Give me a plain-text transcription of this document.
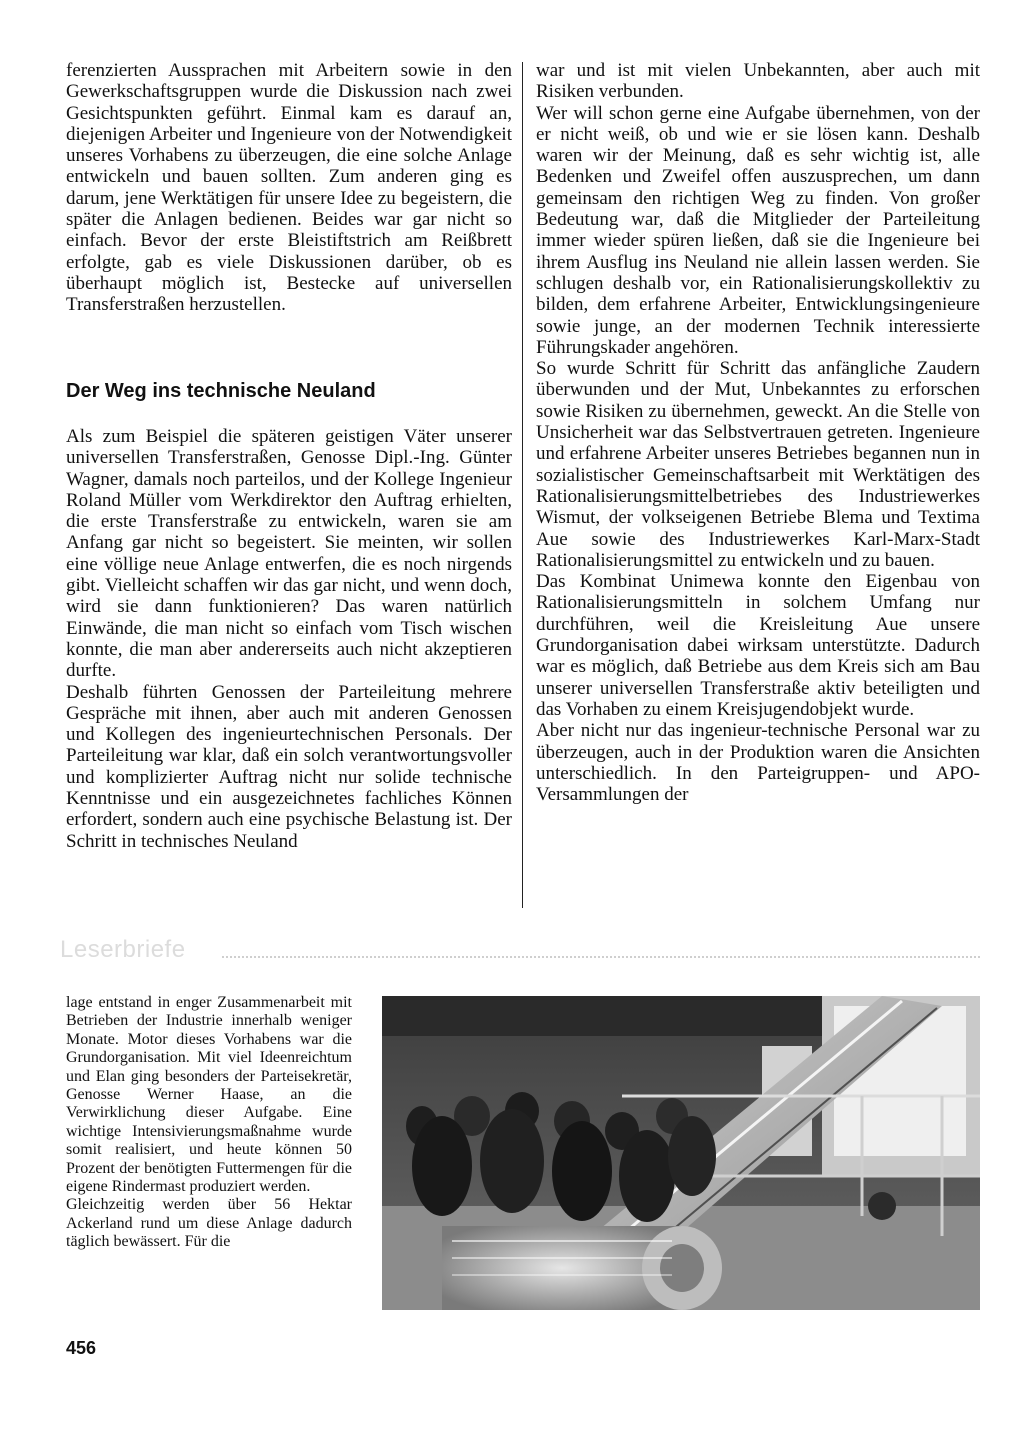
ferenzierten Aussprachen mit Arbeitern sowie in den Gewerkschaftsgruppen wurde die Diskussion nach zwei Gesichtspunkten geführt. Einmal kam es darauf an, diejenigen Arbeiter und Ingenieure von der Notwendigkeit unseres Vorhabens zu überzeugen, die eine solche Anlage entwickeln und bauen sollten. Zum anderen ging es darum, jene Werktätigen für unsere Idee zu begeistern, die später die Anlagen bedienen. Beides war gar nicht so einfach. Bevor der erste Bleistiftstrich am Reißbrett erfolgte, gab es viele Diskussionen darüber, ob es überhaupt möglich ist, Bestecke auf universellen Transferstraßen herzustellen.

Der Weg ins technische Neuland

Als zum Beispiel die späteren geistigen Väter unserer universellen Transferstraßen, Genosse Dipl.-Ing. Günter Wagner, damals noch parteilos, und der Kollege Ingenieur Roland Müller vom Werkdirektor den Auftrag erhielten, die erste Transferstraße zu entwickeln, waren sie am Anfang gar nicht so begeistert. Sie meinten, wir sollen eine völlige neue Anlage entwerfen, die es noch nirgends gibt. Vielleicht schaffen wir das gar nicht, und wenn doch, wird sie dann funktionieren? Das waren natürlich Einwände, die man nicht so einfach vom Tisch wischen konnte, die man aber andererseits auch nicht akzeptieren durfte.

Deshalb führten Genossen der Parteileitung mehrere Gespräche mit ihnen, aber auch mit anderen Genossen und Kollegen des ingenieurtechnischen Personals. Der Parteileitung war klar, daß ein solch verantwortungsvoller und komplizierter Auftrag nicht nur solide technische Kenntnisse und ein ausgezeichnetes fachliches Können erfordert, sondern auch eine psychische Belastung ist. Der Schritt in technisches Neuland

war und ist mit vielen Unbekannten, aber auch mit Risiken verbunden.

Wer will schon gerne eine Aufgabe übernehmen, von der er nicht weiß, ob und wie er sie lösen kann. Deshalb waren wir der Meinung, daß es sehr wichtig ist, alle Bedenken und Zweifel offen auszusprechen, um dann gemeinsam den richtigen Weg zu finden. Von großer Bedeutung war, daß die Mitglieder der Parteileitung immer wieder spüren ließen, daß sie die Ingenieure bei ihrem Ausflug ins Neuland nie allein lassen werden. Sie schlugen deshalb vor, ein Rationalisierungskollektiv zu bilden, dem erfahrene Arbeiter, Entwicklungsingenieure sowie junge, an der modernen Technik interessierte Führungskader angehören.

So wurde Schritt für Schritt das anfängliche Zaudern überwunden und der Mut, Unbekanntes zu erforschen sowie Risiken zu übernehmen, geweckt. An die Stelle von Unsicherheit war das Selbstvertrauen getreten. Ingenieure und erfahrene Arbeiter unseres Betriebes begannen nun in sozialistischer Gemeinschaftsarbeit mit Werktätigen des Rationalisierungsmittelbetriebes des Industriewerkes Wismut, der volkseigenen Betriebe Blema und Textima Aue sowie des Industriewerkes Karl-Marx-Stadt Rationalisierungsmittel zu entwickeln und zu bauen.

Das Kombinat Unimewa konnte den Eigenbau von Rationalisierungsmitteln in solchem Umfang nur durchführen, weil die Kreisleitung Aue unsere Grundorganisation dabei wirksam unterstützte. Dadurch war es möglich, daß Betriebe aus dem Kreis sich am Bau unserer universellen Transferstraße aktiv beteiligten und das Vorhaben zu einem Kreisjugendobjekt wurde.

Aber nicht nur das ingenieur-technische Personal war zu überzeugen, auch in der Produktion waren die Ansichten unterschiedlich. In den Parteigruppen- und APO-Versammlungen der

Leserbriefe

lage entstand in enger Zusammenarbeit mit Betrieben der Industrie innerhalb weniger Monate. Motor dieses Vorhabens war die Grundorganisation. Mit viel Ideenreichtum und Elan ging besonders der Parteisekretär, Genosse Werner Haase, an die Verwirklichung dieser Aufgabe. Eine wichtige Intensivierungsmaßnahme wurde somit realisiert, und heute können 50 Prozent der benötigten Futtermengen für die eigene Rindermast produziert werden.

Gleichzeitig werden über 56 Hektar Ackerland rund um diese Anlage dadurch täglich bewässert. Für die

456
